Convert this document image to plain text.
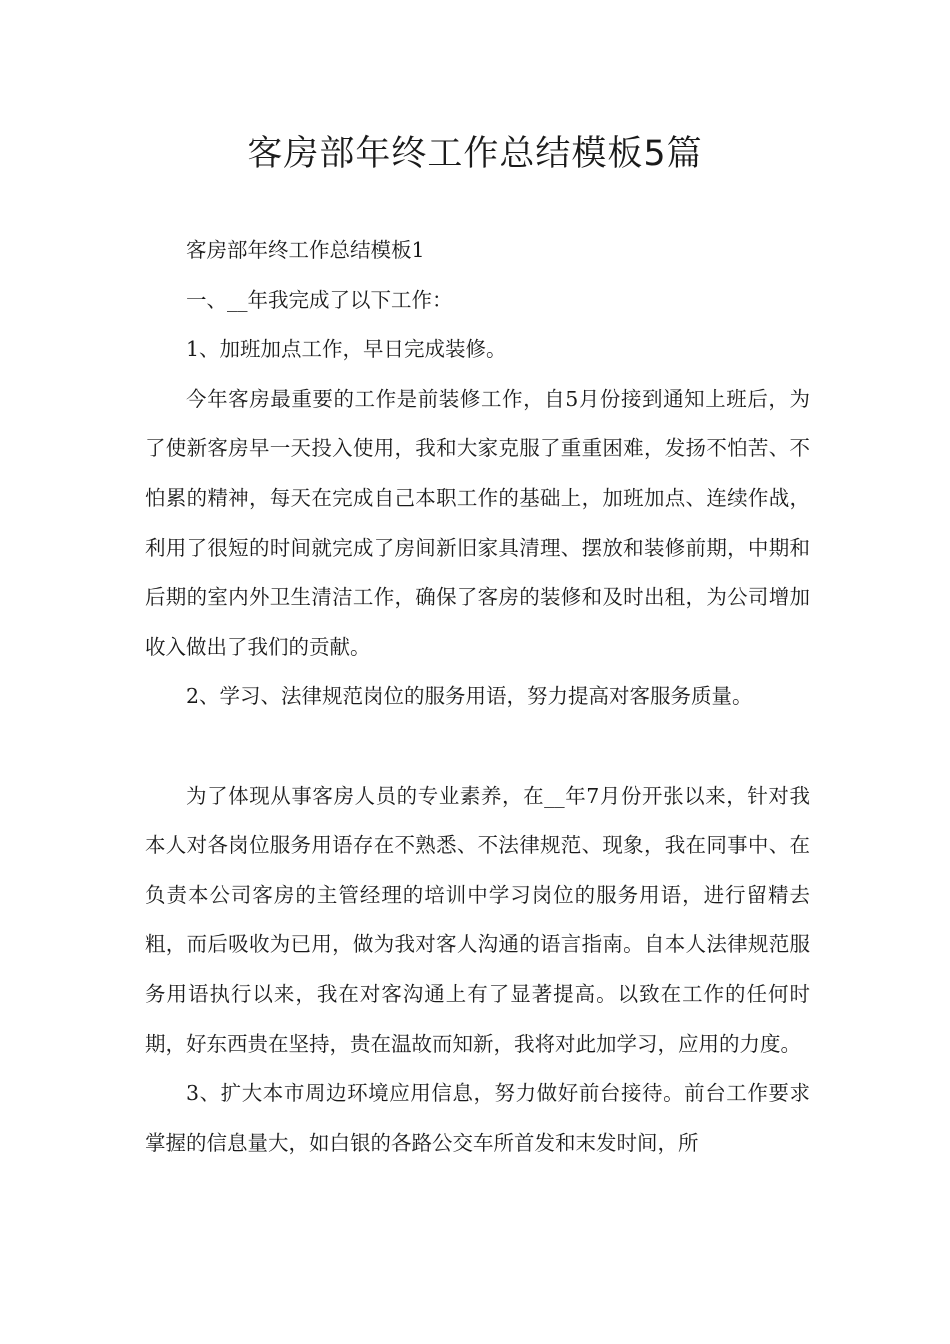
客房部年终工作总结模板5篇

客房部年终工作总结模板1

一、__年我完成了以下工作：

1、加班加点工作，早日完成装修。

今年客房最重要的工作是前装修工作，自5月份接到通知上班后，为了使新客房早一天投入使用，我和大家克服了重重困难，发扬不怕苦、不怕累的精神，每天在完成自己本职工作的基础上，加班加点、连续作战，利用了很短的时间就完成了房间新旧家具清理、摆放和装修前期，中期和后期的室内外卫生清洁工作，确保了客房的装修和及时出租，为公司增加收入做出了我们的贡献。

2、学习、法律规范岗位的服务用语，努力提高对客服务质量。

为了体现从事客房人员的专业素养，在__年7月份开张以来，针对我本人对各岗位服务用语存在不熟悉、不法律规范、现象，我在同事中、在负责本公司客房的主管经理的培训中学习岗位的服务用语，进行留精去粗，而后吸收为已用，做为我对客人沟通的语言指南。自本人法律规范服务用语执行以来，我在对客沟通上有了显著提高。以致在工作的任何时期，好东西贵在坚持，贵在温故而知新，我将对此加学习，应用的力度。

3、扩大本市周边环境应用信息，努力做好前台接待。前台工作要求掌握的信息量大，如白银的各路公交车所首发和末发时间，所
